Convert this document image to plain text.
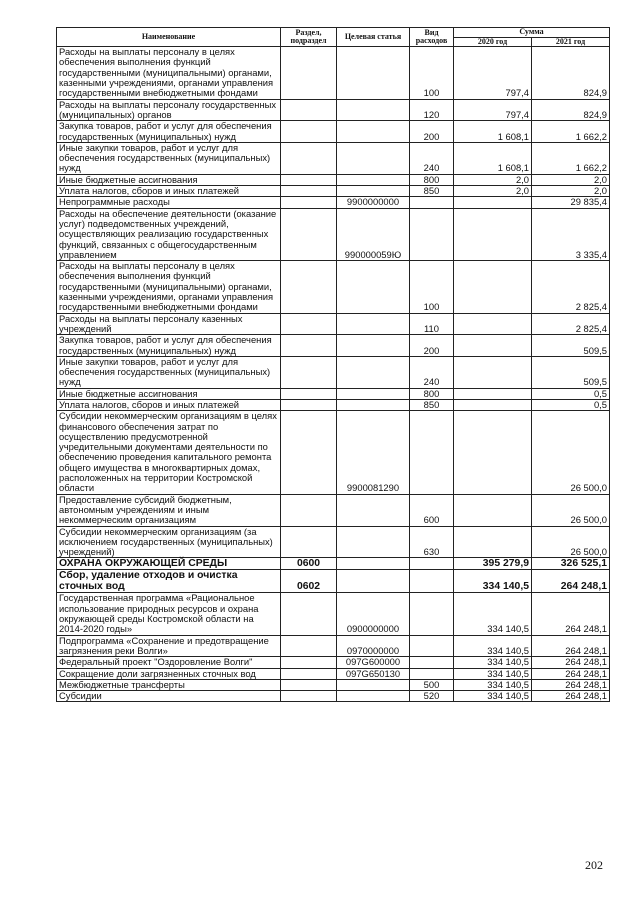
Наименование	Раздел, подраздел	Целевая статья	Вид расходов	Сумма	
				2020 год	2021 год
Расходы на выплаты персоналу в целях обеспечения выполнения функций государственными (муниципальными) органами, казенными учреждениями, органами управления государственными внебюджетными фондами			100	797,4	824,9
Расходы на выплаты персоналу государственных (муниципальных) органов			120	797,4	824,9
Закупка товаров, работ и услуг для обеспечения государственных (муниципальных) нужд			200	1 608,1	1 662,2
Иные закупки товаров, работ и услуг для обеспечения государственных (муниципальных) нужд			240	1 608,1	1 662,2
Иные бюджетные ассигнования			800	2,0	2,0
Уплата налогов, сборов и иных платежей			850	2,0	2,0
Непрограммные расходы		9900000000			29 835,4
Расходы на обеспечение деятельности (оказание услуг) подведомственных учреждений, осуществляющих реализацию государственных функций, связанных с общегосударственным управлением		990000059Ю			3 335,4
Расходы на выплаты персоналу в целях обеспечения выполнения функций государственными (муниципальными) органами, казенными учреждениями, органами управления государственными внебюджетными фондами			100		2 825,4
Расходы на выплаты персоналу казенных учреждений			110		2 825,4
Закупка товаров, работ и услуг для обеспечения государственных (муниципальных) нужд			200		509,5
Иные закупки товаров, работ и услуг для обеспечения государственных (муниципальных) нужд			240		509,5
Иные бюджетные ассигнования			800		0,5
Уплата налогов, сборов и иных платежей			850		0,5
Субсидии некоммерческим организациям в целях финансового обеспечения затрат по осуществлению предусмотренной учредительными документами деятельности по обеспечению проведения капитального ремонта общего имущества в многоквартирных домах, расположенных на территории Костромской области		9900081290			26 500,0
Предоставление субсидий бюджетным, автономным учреждениям и иным некоммерческим организациям			600		26 500,0
Субсидии некоммерческим организациям (за исключением государственных (муниципальных) учреждений)			630		26 500,0
ОХРАНА ОКРУЖАЮЩЕЙ СРЕДЫ	0600			395 279,9	326 525,1
Сбор, удаление отходов и очистка сточных вод	0602			334 140,5	264 248,1
Государственная программа «Рациональное использование природных ресурсов и охрана окружающей среды Костромской области на 2014-2020 годы»		0900000000		334 140,5	264 248,1
Подпрограмма «Сохранение и предотвращение загрязнения реки Волги»		0970000000		334 140,5	264 248,1
Федеральный проект "Оздоровление Волги"		097G600000		334 140,5	264 248,1
Сокращение доли загрязненных сточных вод		097G650130		334 140,5	264 248,1
Межбюджетные трансферты			500	334 140,5	264 248,1
Субсидии			520	334 140,5	264 248,1
202
